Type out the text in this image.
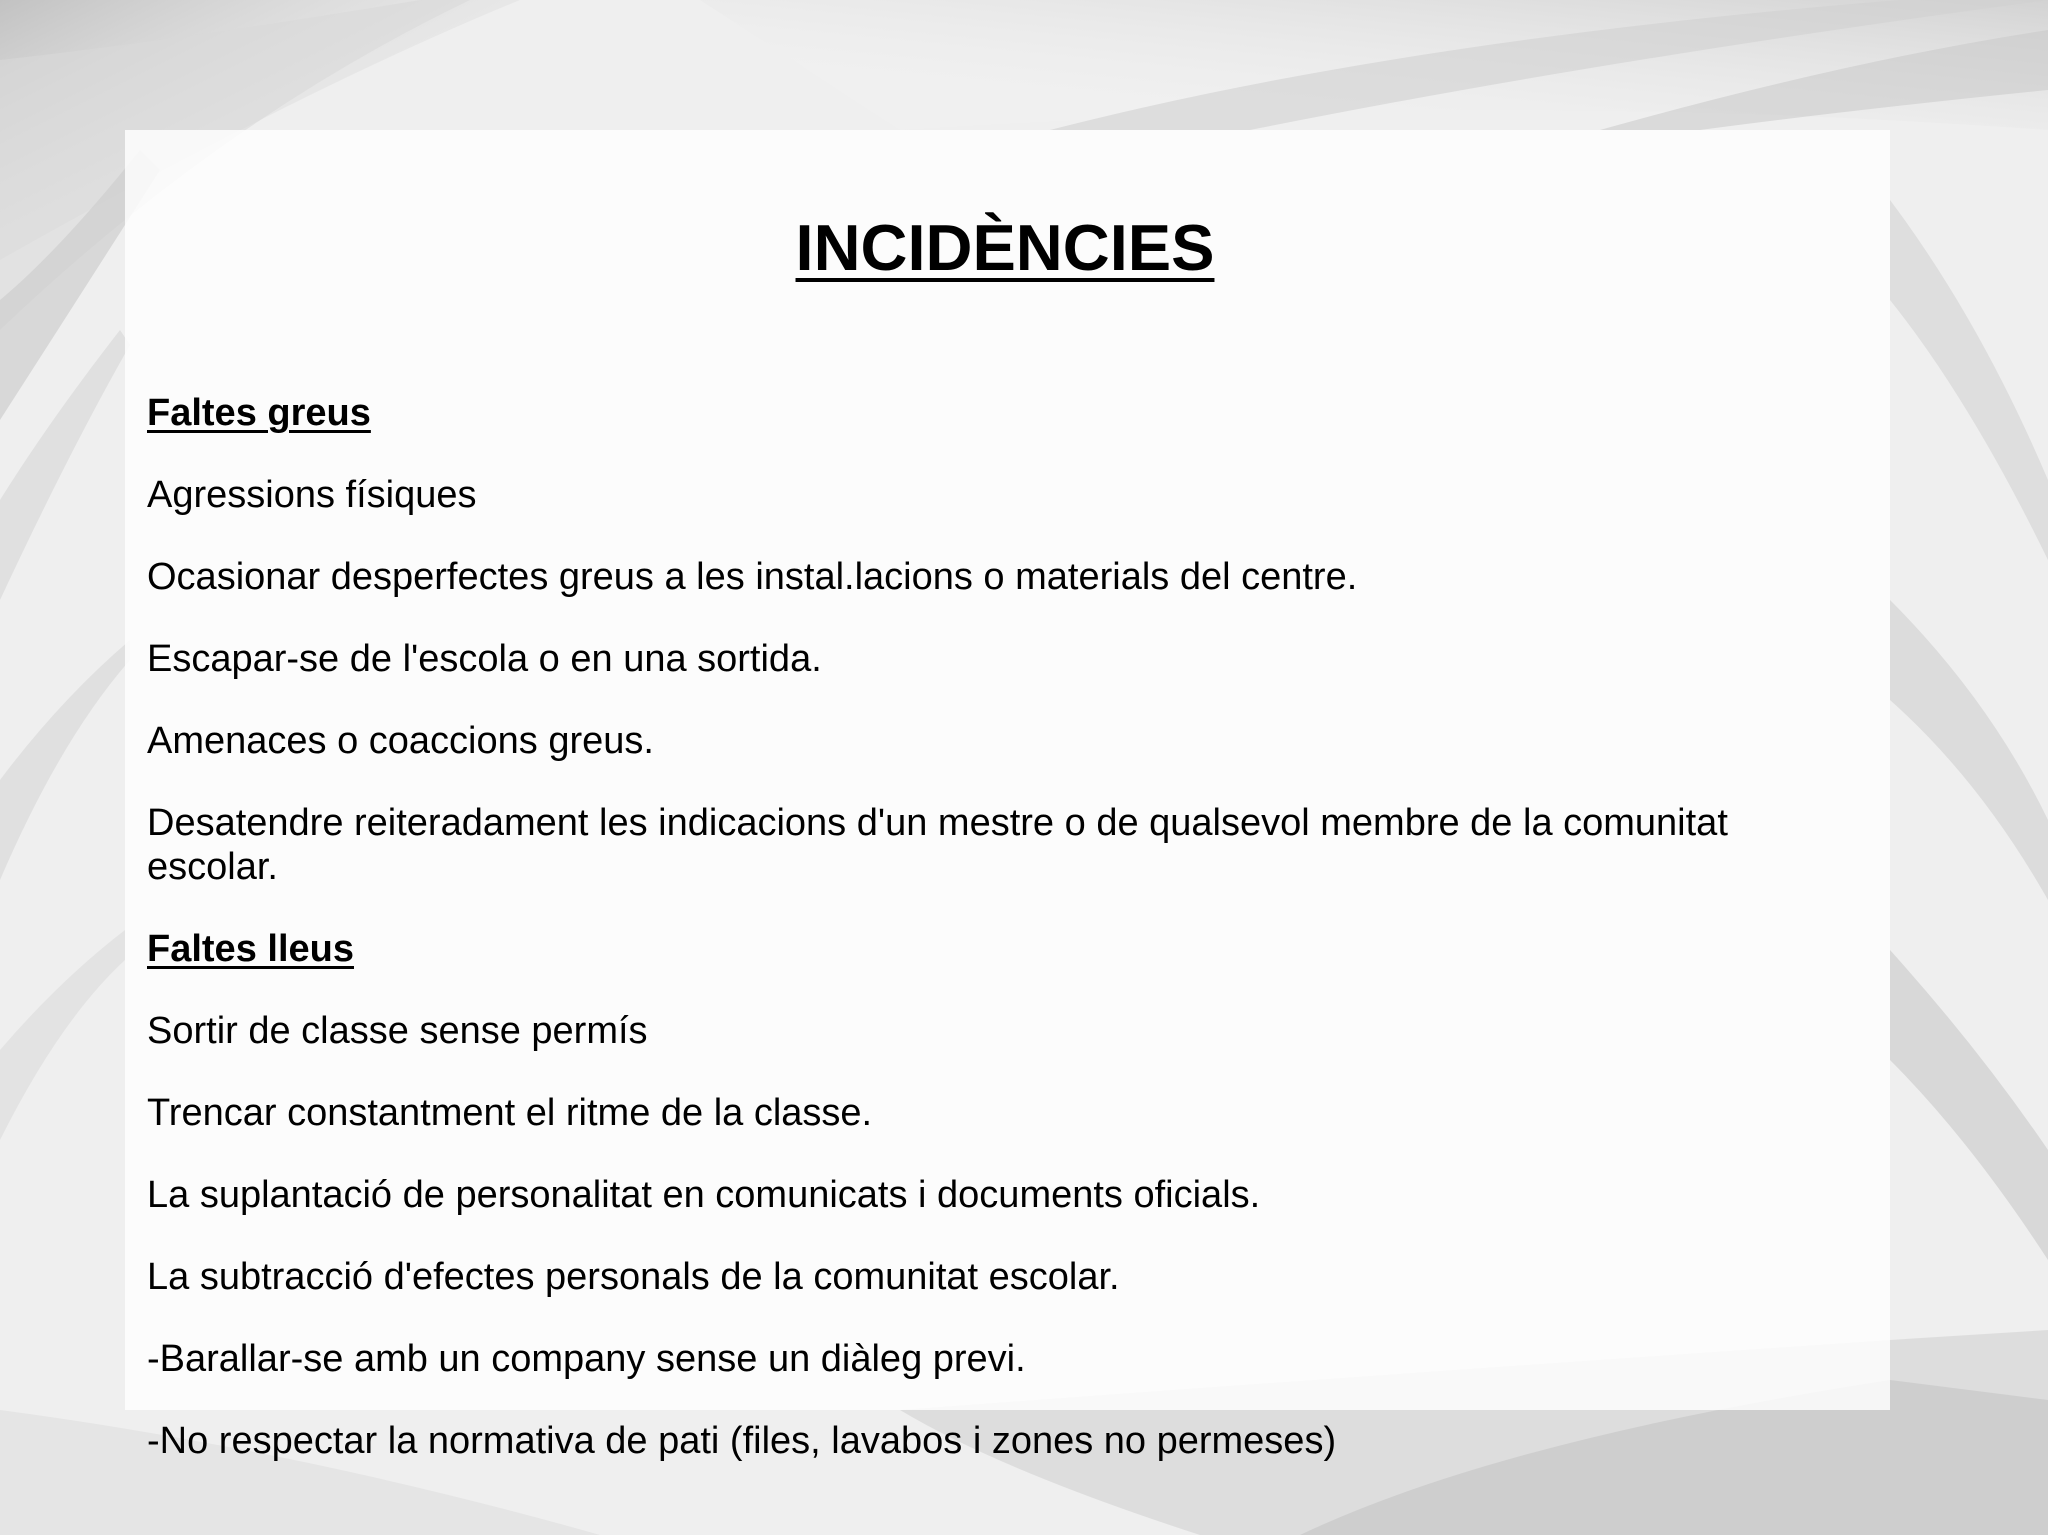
INCIDÈNCIES
Faltes greus
Agressions físiques
Ocasionar desperfectes greus a les instal.lacions o materials del centre.
Escapar-se de l'escola o en una sortida.
Amenaces o coaccions greus.
Desatendre reiteradament les indicacions d'un mestre o de qualsevol membre de la comunitat escolar.
Faltes lleus
Sortir de classe sense permís
Trencar constantment el ritme de la classe.
La suplantació de personalitat en comunicats i documents oficials.
La subtracció d'efectes personals de la comunitat escolar.
-Barallar-se amb un company sense un diàleg previ.
-No respectar la normativa de pati (files, lavabos i zones no permeses)
